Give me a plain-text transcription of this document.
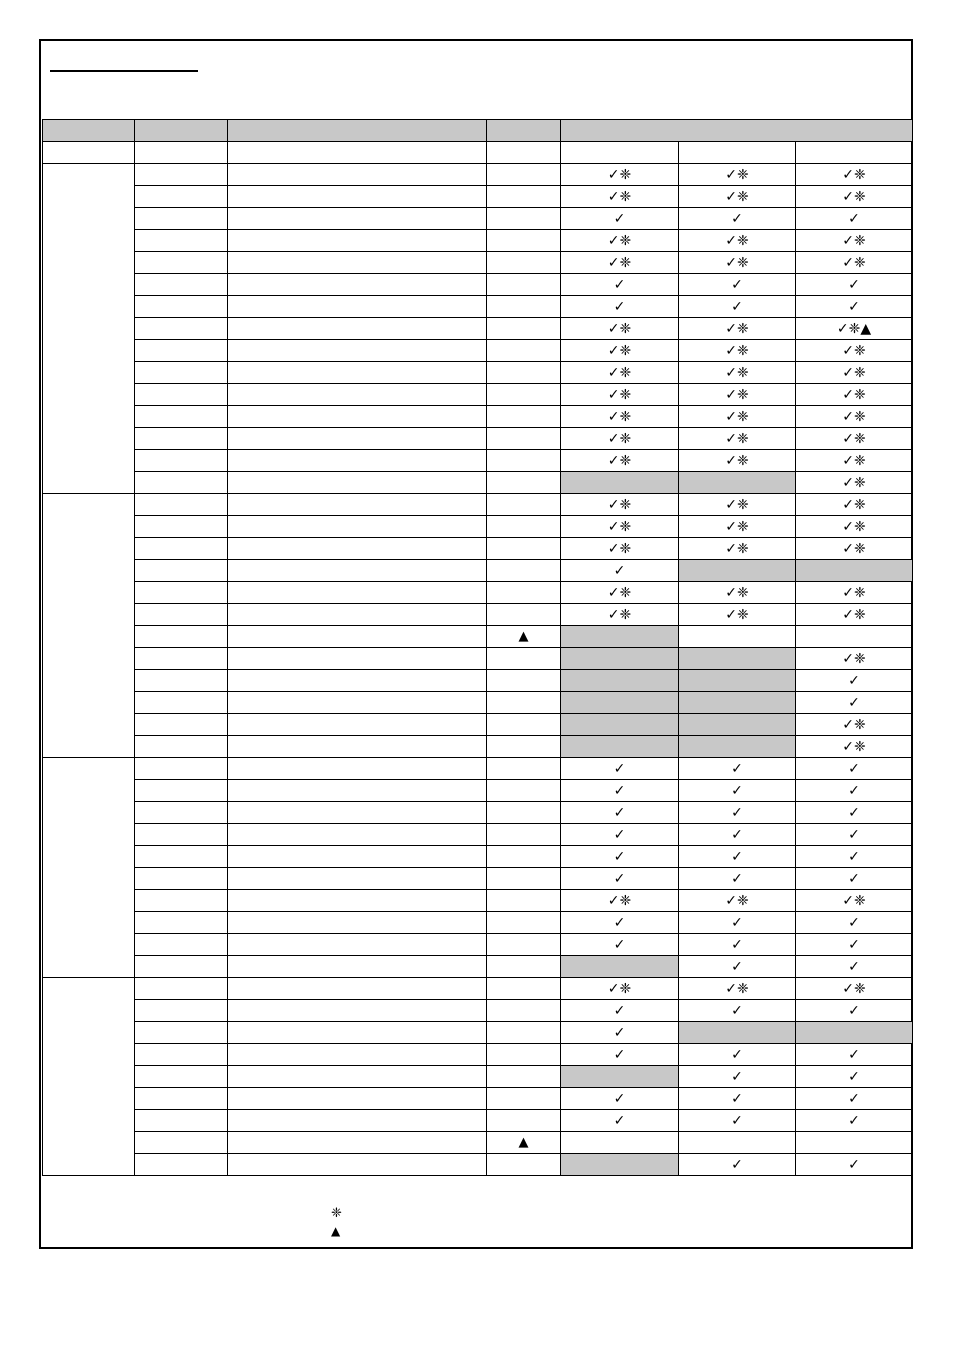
				✓❈	✓❈	✓❈
				✓❈	✓❈	✓❈
				✓	✓	✓
				✓❈	✓❈	✓❈
				✓❈	✓❈	✓❈
				✓	✓	✓
				✓	✓	✓
				✓❈	✓❈	✓❈▲
				✓❈	✓❈	✓❈
				✓❈	✓❈	✓❈
				✓❈	✓❈	✓❈
				✓❈	✓❈	✓❈
				✓❈	✓❈	✓❈
				✓❈	✓❈	✓❈
						✓❈
				✓❈	✓❈	✓❈
				✓❈	✓❈	✓❈
				✓❈	✓❈	✓❈
				✓		
				✓❈	✓❈	✓❈
				✓❈	✓❈	✓❈
			▲			
						✓❈
						✓
						✓
						✓❈
						✓❈
				✓	✓	✓
				✓	✓	✓
				✓	✓	✓
				✓	✓	✓
				✓	✓	✓
				✓	✓	✓
				✓❈	✓❈	✓❈
				✓	✓	✓
				✓	✓	✓
					✓	✓
				✓❈	✓❈	✓❈
				✓	✓	✓
				✓		
				✓	✓	✓
					✓	✓
				✓	✓	✓
				✓	✓	✓
			▲			
					✓	✓
❈
▲
